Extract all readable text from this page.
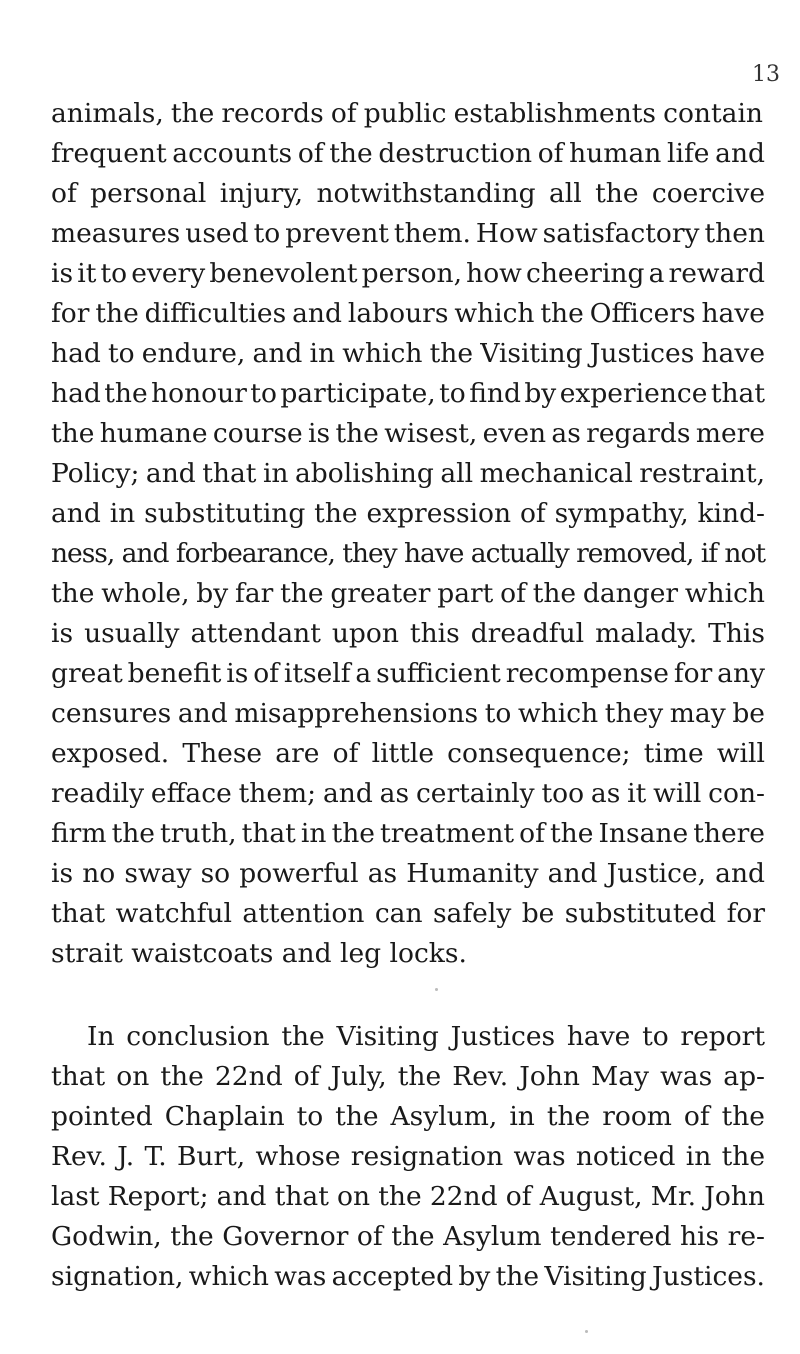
13
animals, the records of public establishments contain
frequent accounts of the destruction of human life and
of personal injury, notwithstanding all the coercive
measures used to prevent them. How satisfactory then
is it to every benevolent person, how cheering a reward
for the difficulties and labours which the Officers have
had to endure, and in which the Visiting Justices have
had the honour to participate, to find by experience that
the humane course is the wisest, even as regards mere
Policy; and that in abolishing all mechanical restraint,
and in substituting the expression of sympathy, kind-
ness, and forbearance, they have actually removed, if not
the whole, by far the greater part of the danger which
is usually attendant upon this dreadful malady. This
great benefit is of itself a sufficient recompense for any
censures and misapprehensions to which they may be
exposed. These are of little consequence; time will
readily efface them; and as certainly too as it will con-
firm the truth, that in the treatment of the Insane there
is no sway so powerful as Humanity and Justice, and
that watchful attention can safely be substituted for
strait waistcoats and leg locks.
In conclusion the Visiting Justices have to report
that on the 22nd of July, the Rev. John May was ap-
pointed Chaplain to the Asylum, in the room of the
Rev. J. T. Burt, whose resignation was noticed in the
last Report; and that on the 22nd of August, Mr. John
Godwin, the Governor of the Asylum tendered his re-
signation, which was accepted by the Visiting Justices.
